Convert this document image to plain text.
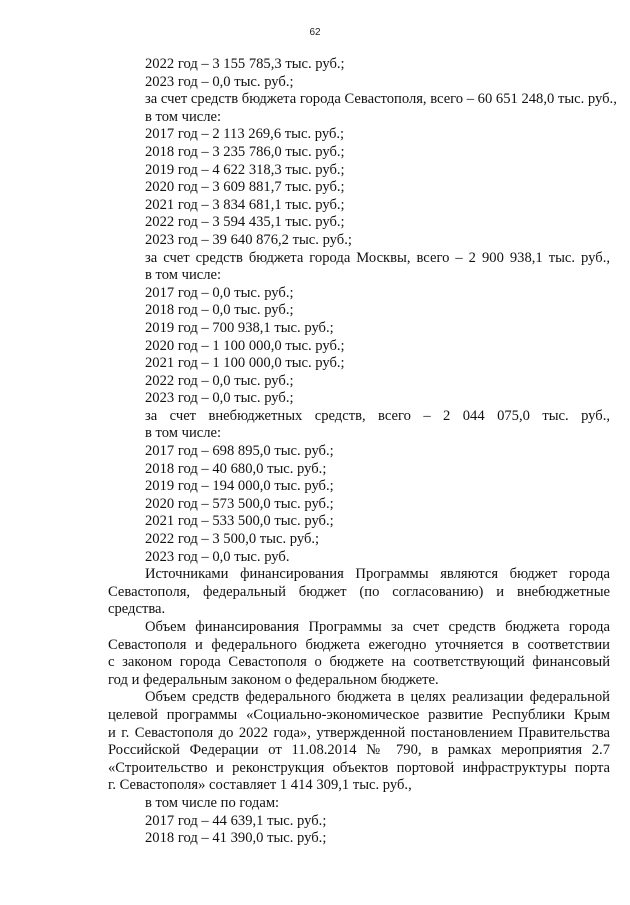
62
2022 год – 3 155 785,3 тыс. руб.;
2023 год – 0,0 тыс. руб.;
за счет средств бюджета города Севастополя, всего – 60 651 248,0 тыс. руб.,
в том числе:
2017 год – 2 113 269,6 тыс. руб.;
2018 год – 3 235 786,0 тыс. руб.;
2019 год – 4 622 318,3 тыс. руб.;
2020 год – 3 609 881,7 тыс. руб.;
2021 год – 3 834 681,1 тыс. руб.;
2022 год – 3 594 435,1 тыс. руб.;
2023 год – 39 640 876,2 тыс. руб.;
за счет средств бюджета города Москвы, всего – 2 900 938,1 тыс. руб.,
в том числе:
2017 год – 0,0 тыс. руб.;
2018 год – 0,0 тыс. руб.;
2019 год – 700 938,1 тыс. руб.;
2020 год – 1 100 000,0 тыс. руб.;
2021 год – 1 100 000,0 тыс. руб.;
2022 год – 0,0 тыс. руб.;
2023 год – 0,0 тыс. руб.;
за счет внебюджетных средств, всего – 2 044 075,0 тыс. руб.,
в том числе:
2017 год – 698 895,0 тыс. руб.;
2018 год – 40 680,0 тыс. руб.;
2019 год – 194 000,0 тыс. руб.;
2020 год – 573 500,0 тыс. руб.;
2021 год – 533 500,0 тыс. руб.;
2022 год – 3 500,0 тыс. руб.;
2023 год – 0,0 тыс. руб.
Источниками финансирования Программы являются бюджет города
Севастополя, федеральный бюджет (по согласованию) и внебюджетные
средства.
Объем финансирования Программы за счет средств бюджета города
Севастополя и федерального бюджета ежегодно уточняется в соответствии
с законом города Севастополя о бюджете на соответствующий финансовый
год и федеральным законом о федеральном бюджете.
Объем средств федерального бюджета в целях реализации федеральной
целевой программы «Социально-экономическое развитие Республики Крым
и г. Севастополя до 2022 года», утвержденной постановлением Правительства
Российской Федерации от 11.08.2014 № 790, в рамках мероприятия 2.7
«Строительство и реконструкция объектов портовой инфраструктуры порта
г. Севастополя» составляет 1 414 309,1 тыс. руб.,
в том числе по годам:
2017 год – 44 639,1 тыс. руб.;
2018 год – 41 390,0 тыс. руб.;
